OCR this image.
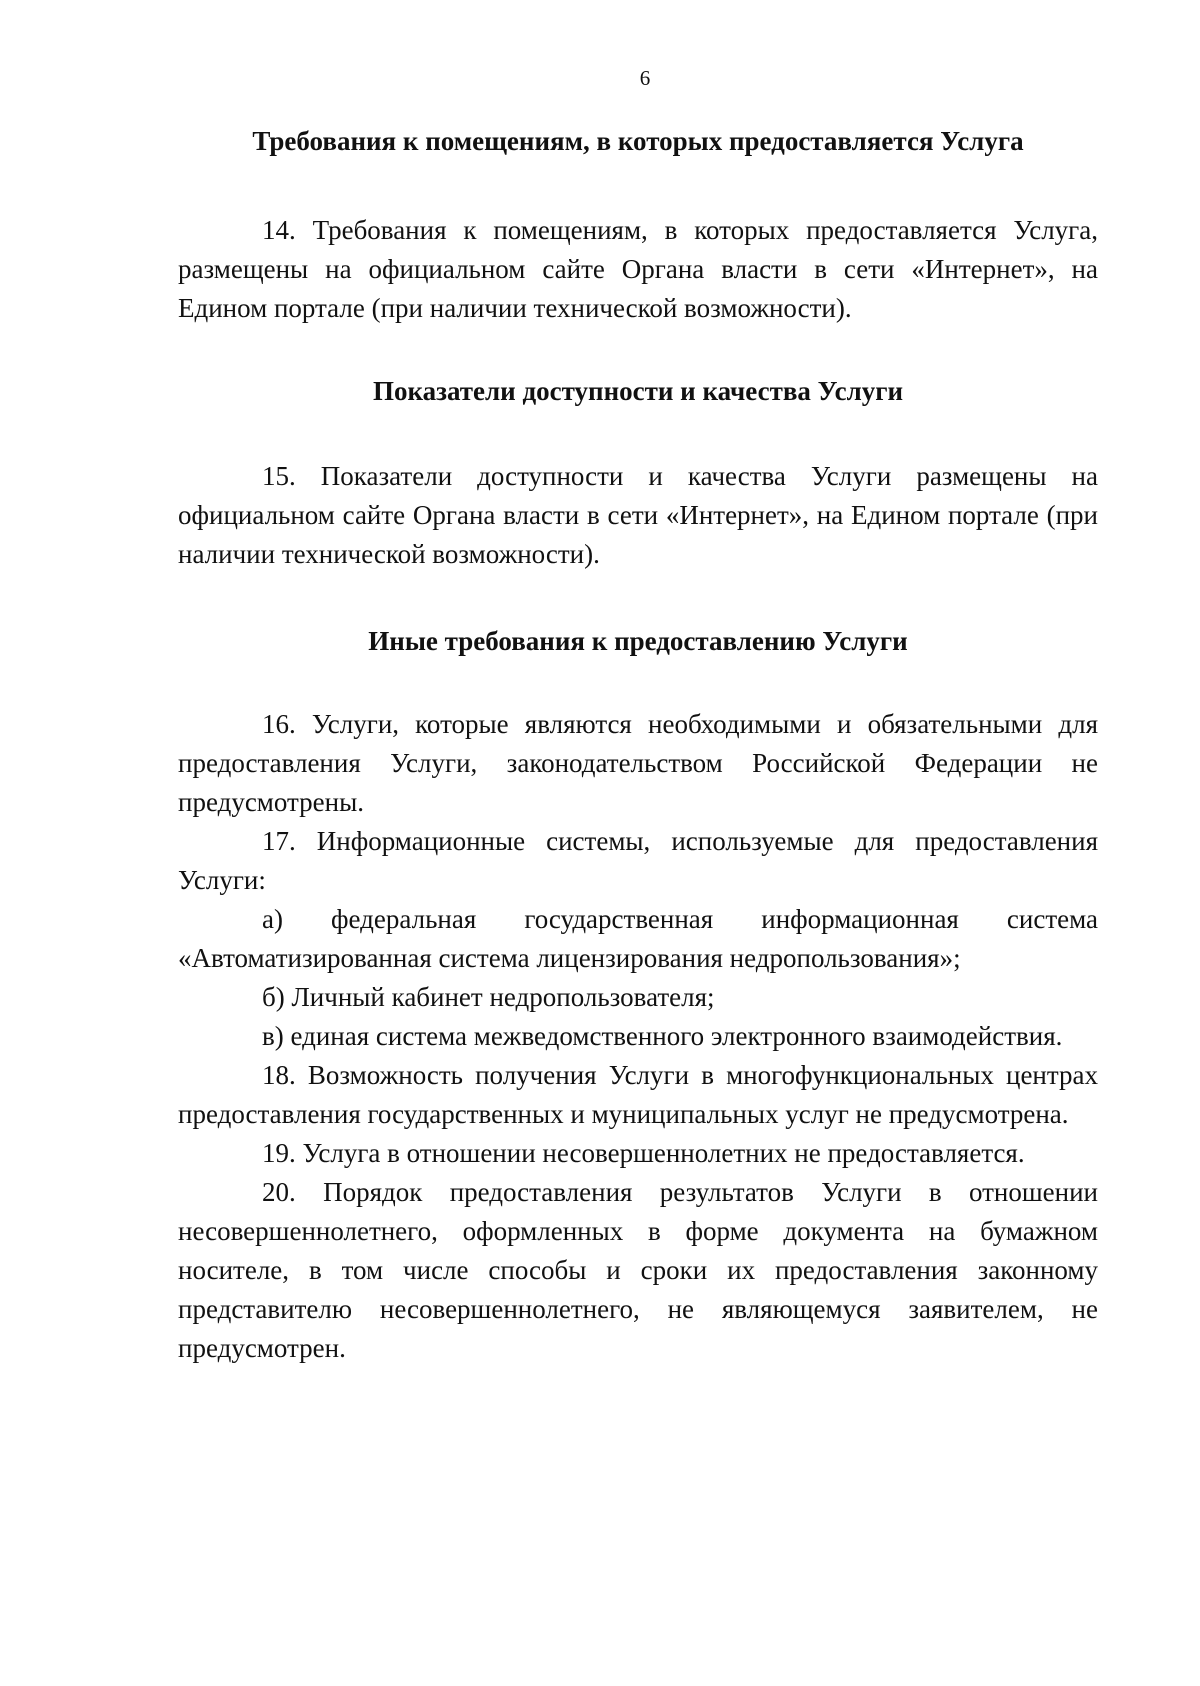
6
Требования к помещениям, в которых предоставляется Услуга

14. Требования к помещениям, в которых предоставляется Услуга, размещены на официальном сайте Органа власти в сети «Интернет», на Едином портале (при наличии технической возможности).

Показатели доступности и качества Услуги

15. Показатели доступности и качества Услуги размещены на официальном сайте Органа власти в сети «Интернет», на Едином портале (при наличии технической возможности).

Иные требования к предоставлению Услуги

16. Услуги, которые являются необходимыми и обязательными для предоставления Услуги, законодательством Российской Федерации не предусмотрены.

17. Информационные системы, используемые для предоставления Услуги:

а) федеральная государственная информационная система «Автоматизированная система лицензирования недропользования»;

б) Личный кабинет недропользователя;

в) единая система межведомственного электронного взаимодействия.

18. Возможность получения Услуги в многофункциональных центрах предоставления государственных и муниципальных услуг не предусмотрена.

19. Услуга в отношении несовершеннолетних не предоставляется.

20. Порядок предоставления результатов Услуги в отношении несовершеннолетнего, оформленных в форме документа на бумажном носителе, в том числе способы и сроки их предоставления законному представителю несовершеннолетнего, не являющемуся заявителем, не предусмотрен.
